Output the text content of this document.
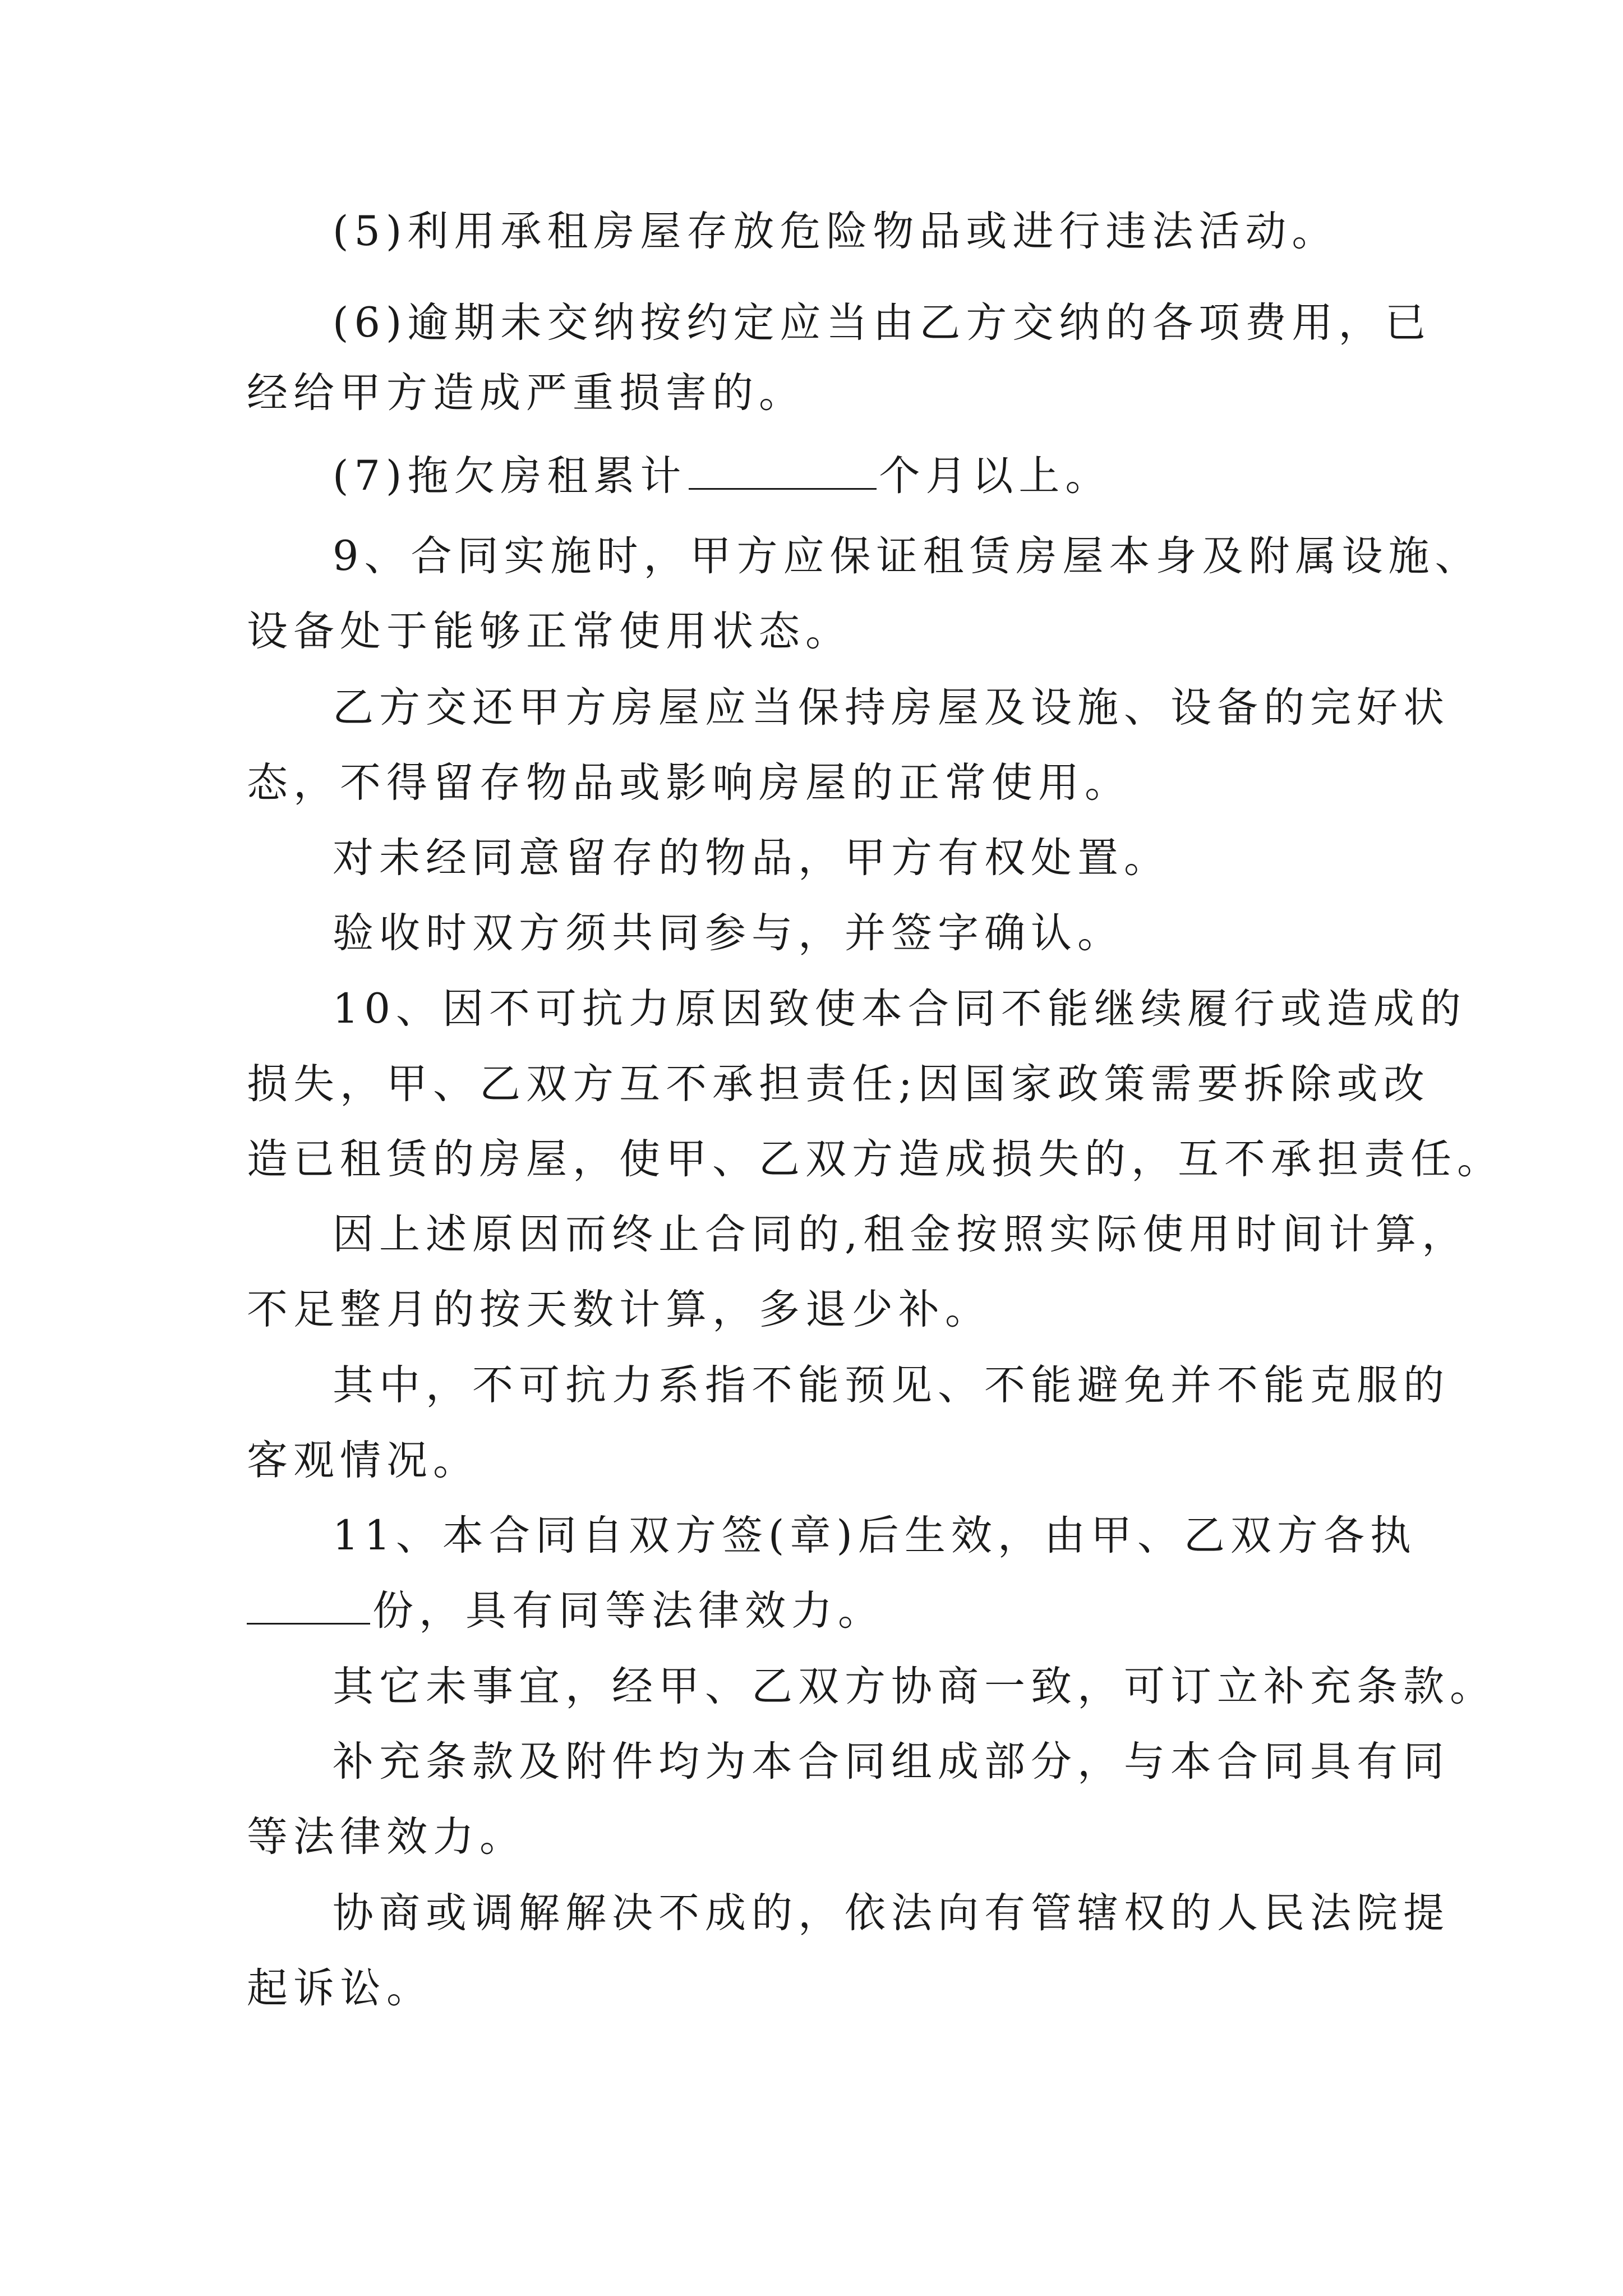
(5)利用承租房屋存放危险物品或进行违法活动。
(6)逾期未交纳按约定应当由乙方交纳的各项费用，已
经给甲方造成严重损害的。
(7)拖欠房租累计	个月以上。
9、合同实施时，甲方应保证租赁房屋本身及附属设施、
设备处于能够正常使用状态。
乙方交还甲方房屋应当保持房屋及设施、设备的完好状
态，不得留存物品或影响房屋的正常使用。
对未经同意留存的物品，甲方有权处置。
验收时双方须共同参与，并签字确认。
10、因不可抗力原因致使本合同不能继续履行或造成的
损失，甲、乙双方互不承担责任;因国家政策需要拆除或改
造已租赁的房屋，使甲、乙双方造成损失的，互不承担责任。
因上述原因而终止合同的,租金按照实际使用时间计算，
不足整月的按天数计算，多退少补。
其中，不可抗力系指不能预见、不能避免并不能克服的
客观情况。
11、本合同自双方签(章)后生效，由甲、乙双方各执
份，具有同等法律效力。
其它未事宜，经甲、乙双方协商一致，可订立补充条款。
补充条款及附件均为本合同组成部分，与本合同具有同
等法律效力。
协商或调解解决不成的，依法向有管辖权的人民法院提
起诉讼。
